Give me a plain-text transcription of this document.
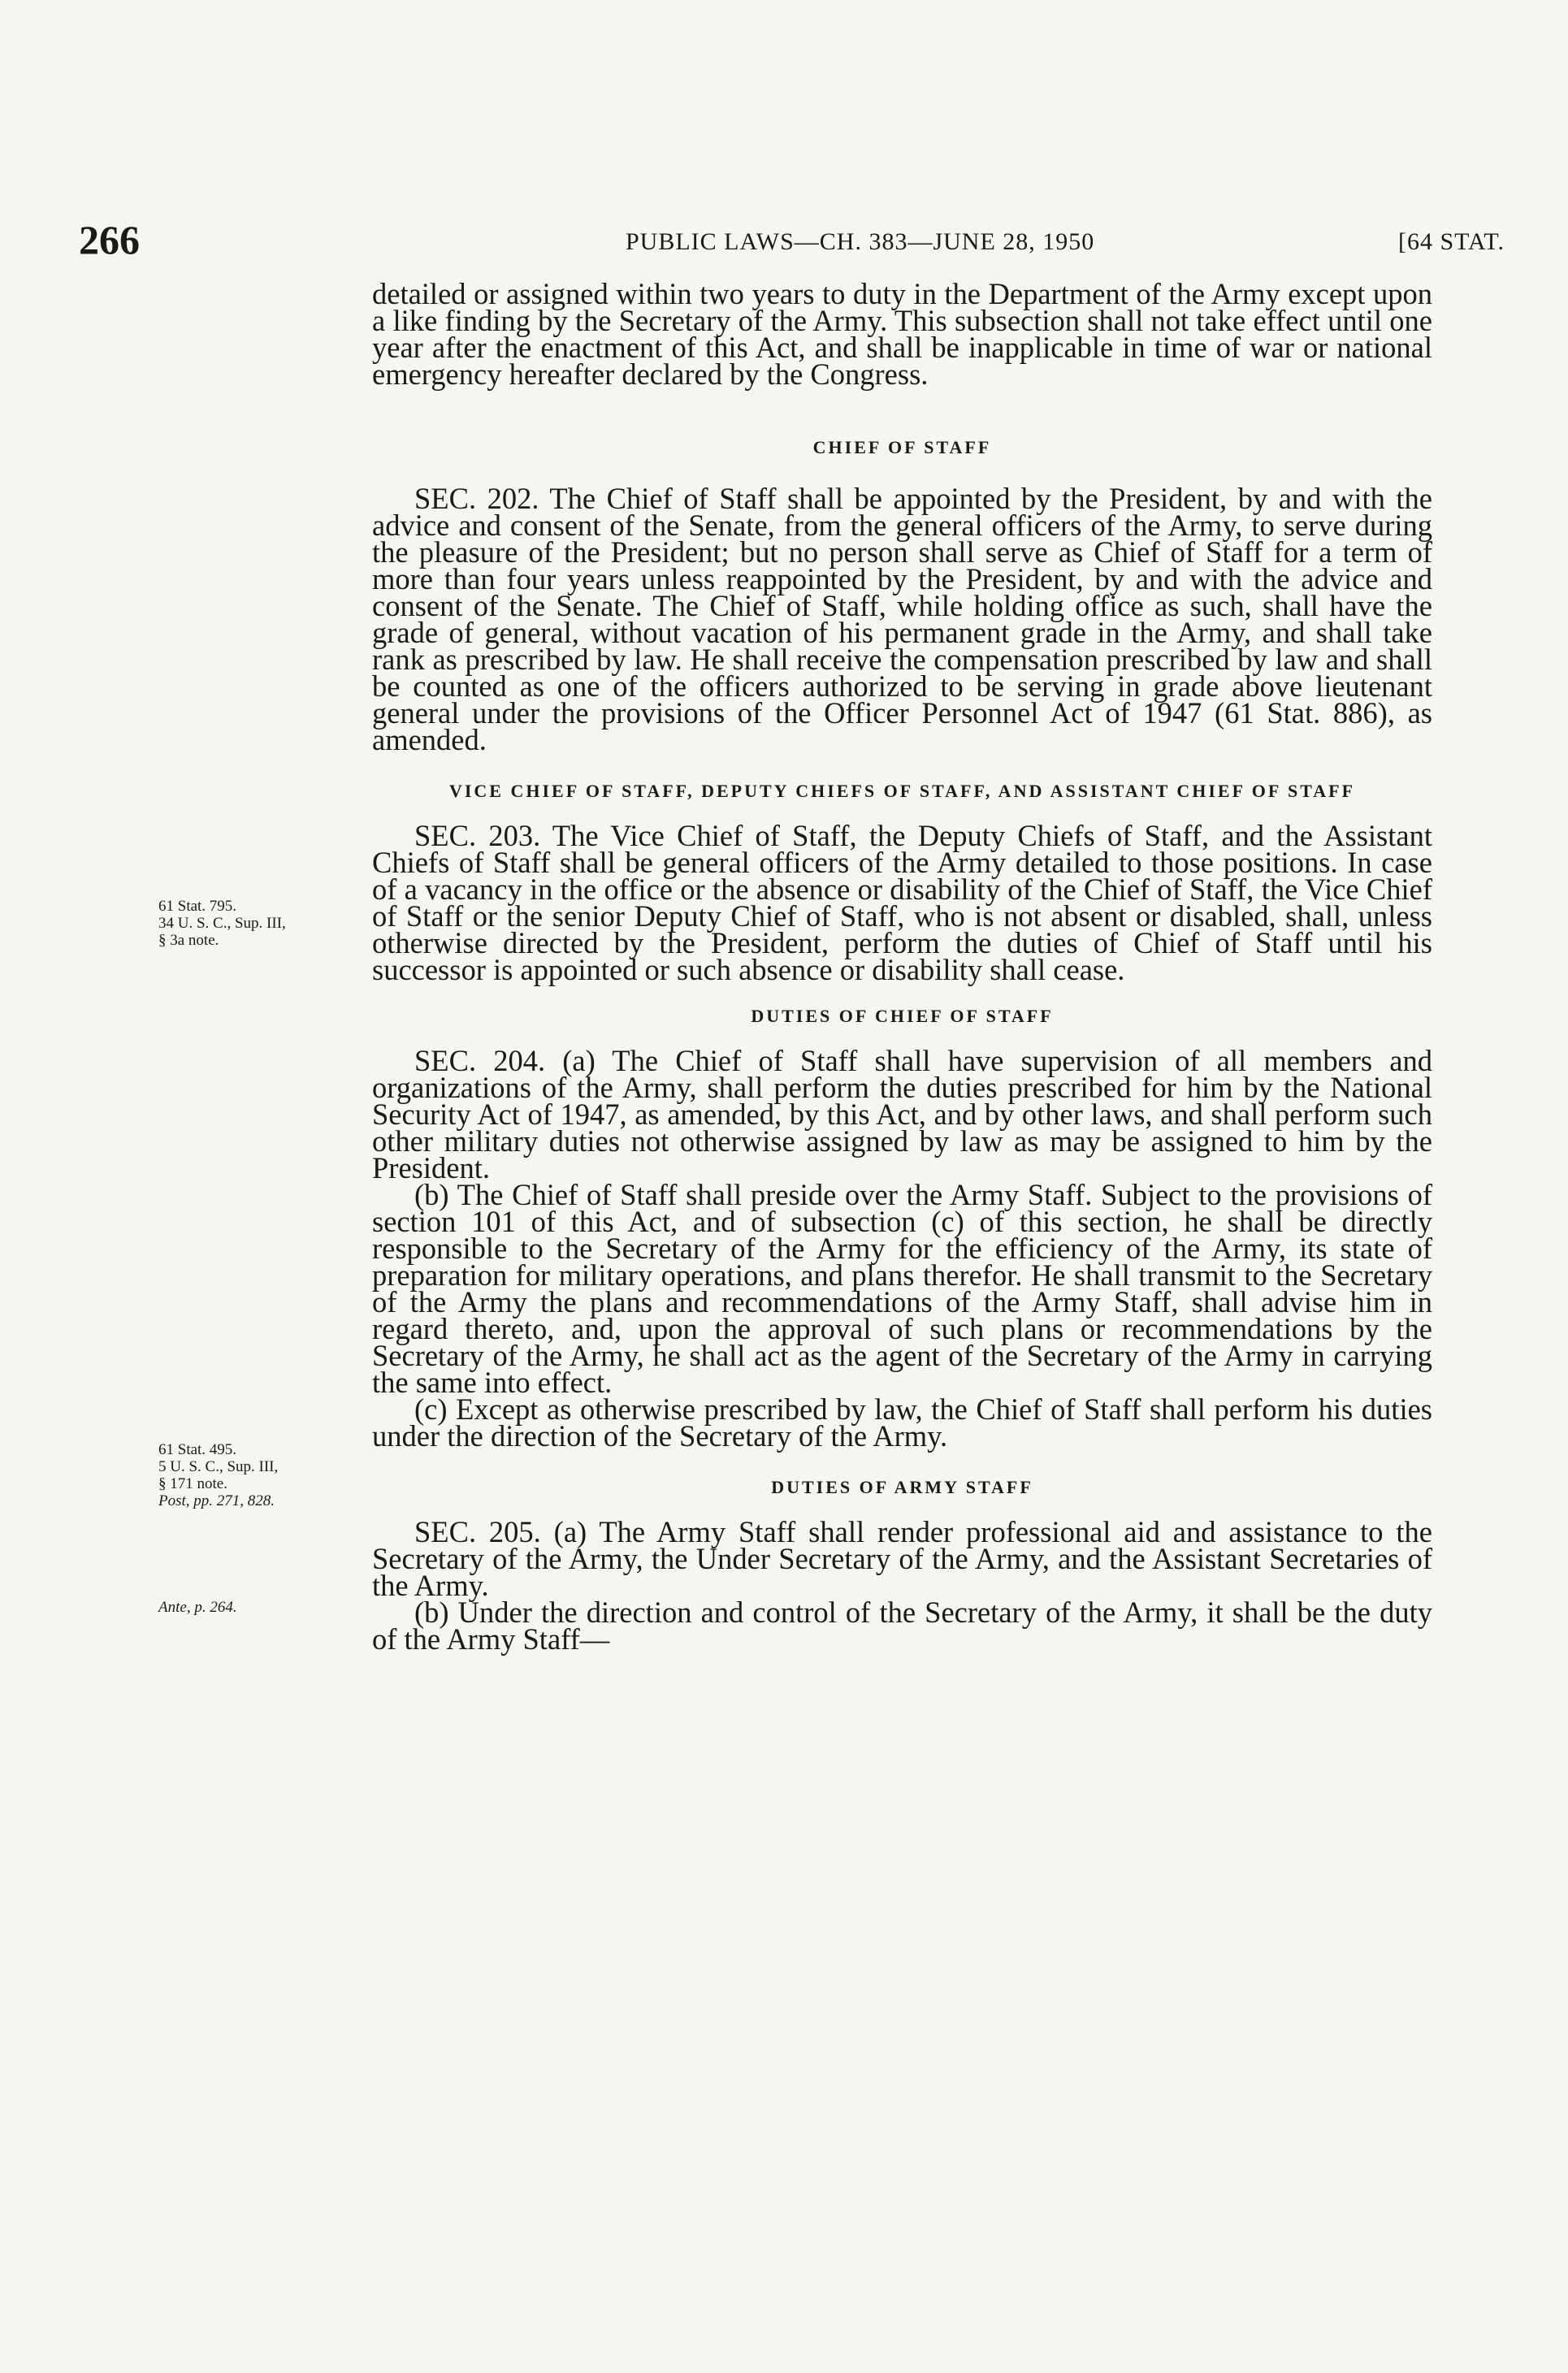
266	PUBLIC LAWS—CH. 383—JUNE 28, 1950	[64 STAT.
61 Stat. 795.
34 U. S. C., Sup. III,
§ 3a note.
61 Stat. 495.
5 U. S. C., Sup. III,
§ 171 note.
Post, pp. 271, 828.
Ante, p. 264.

detailed or assigned within two years to duty in the Department of the Army except upon a like finding by the Secretary of the Army. This subsection shall not take effect until one year after the enactment of this Act, and shall be inapplicable in time of war or national emergency hereafter declared by the Congress.

CHIEF OF STAFF

SEC. 202. The Chief of Staff shall be appointed by the President, by and with the advice and consent of the Senate, from the general officers of the Army, to serve during the pleasure of the President; but no person shall serve as Chief of Staff for a term of more than four years unless reappointed by the President, by and with the advice and consent of the Senate. The Chief of Staff, while holding office as such, shall have the grade of general, without vacation of his permanent grade in the Army, and shall take rank as prescribed by law. He shall receive the compensation prescribed by law and shall be counted as one of the officers authorized to be serving in grade above lieutenant general under the provisions of the Officer Personnel Act of 1947 (61 Stat. 886), as amended.

VICE CHIEF OF STAFF, DEPUTY CHIEFS OF STAFF, AND ASSISTANT CHIEF OF STAFF

SEC. 203. The Vice Chief of Staff, the Deputy Chiefs of Staff, and the Assistant Chiefs of Staff shall be general officers of the Army detailed to those positions. In case of a vacancy in the office or the absence or disability of the Chief of Staff, the Vice Chief of Staff or the senior Deputy Chief of Staff, who is not absent or disabled, shall, unless otherwise directed by the President, perform the duties of Chief of Staff until his successor is appointed or such absence or disability shall cease.

DUTIES OF CHIEF OF STAFF

SEC. 204. (a) The Chief of Staff shall have supervision of all members and organizations of the Army, shall perform the duties prescribed for him by the National Security Act of 1947, as amended, by this Act, and by other laws, and shall perform such other military duties not otherwise assigned by law as may be assigned to him by the President.

(b) The Chief of Staff shall preside over the Army Staff. Subject to the provisions of section 101 of this Act, and of subsection (c) of this section, he shall be directly responsible to the Secretary of the Army for the efficiency of the Army, its state of preparation for military operations, and plans therefor. He shall transmit to the Secretary of the Army the plans and recommendations of the Army Staff, shall advise him in regard thereto, and, upon the approval of such plans or recommendations by the Secretary of the Army, he shall act as the agent of the Secretary of the Army in carrying the same into effect.

(c) Except as otherwise prescribed by law, the Chief of Staff shall perform his duties under the direction of the Secretary of the Army.

DUTIES OF ARMY STAFF

SEC. 205. (a) The Army Staff shall render professional aid and assistance to the Secretary of the Army, the Under Secretary of the Army, and the Assistant Secretaries of the Army.

(b) Under the direction and control of the Secretary of the Army, it shall be the duty of the Army Staff—
